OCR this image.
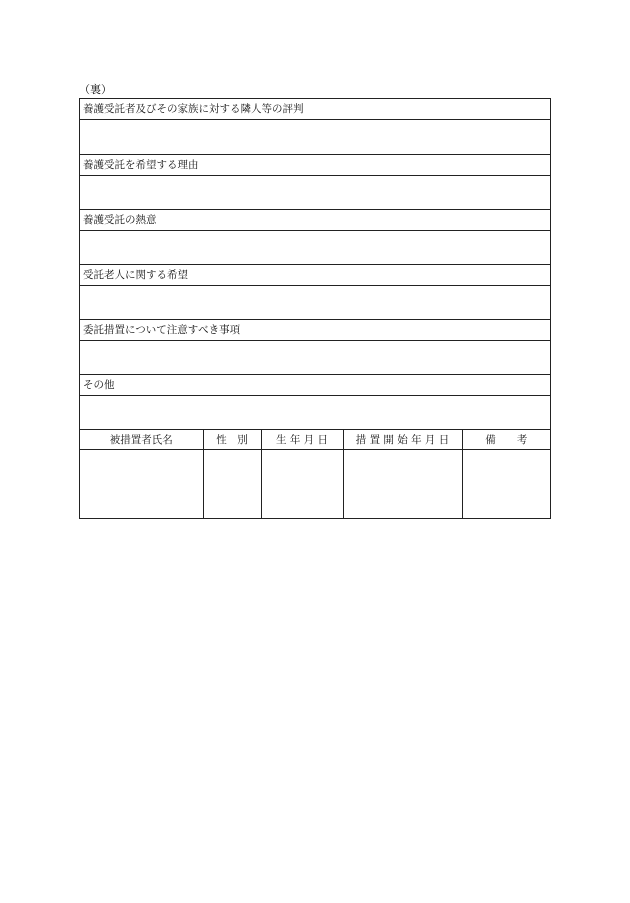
（裏）
養護受託者及びその家族に対する隣人等の評判
養護受託を希望する理由
養護受託の熱意
受託老人に関する希望
委託措置について注意すべき事項
その他
被措置者氏名	性　別	生 年 月 日	措 置 開 始 年 月 日	備　　考
